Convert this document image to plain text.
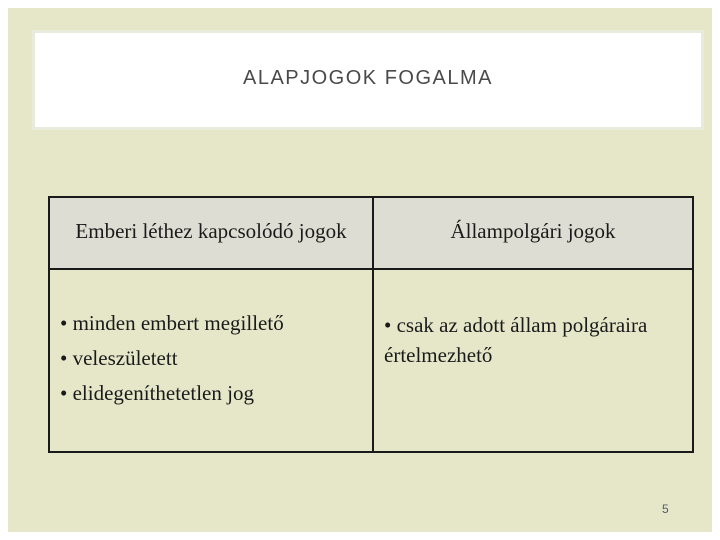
ALAPJOGOK FOGALMA
Emberi léthez kapcsolódó jogok	Állampolgári jogok

• minden embert megillető
• veleszületett
• elidegeníthetetlen jog	• csak az adott állam polgáraira értelmezhető
5
